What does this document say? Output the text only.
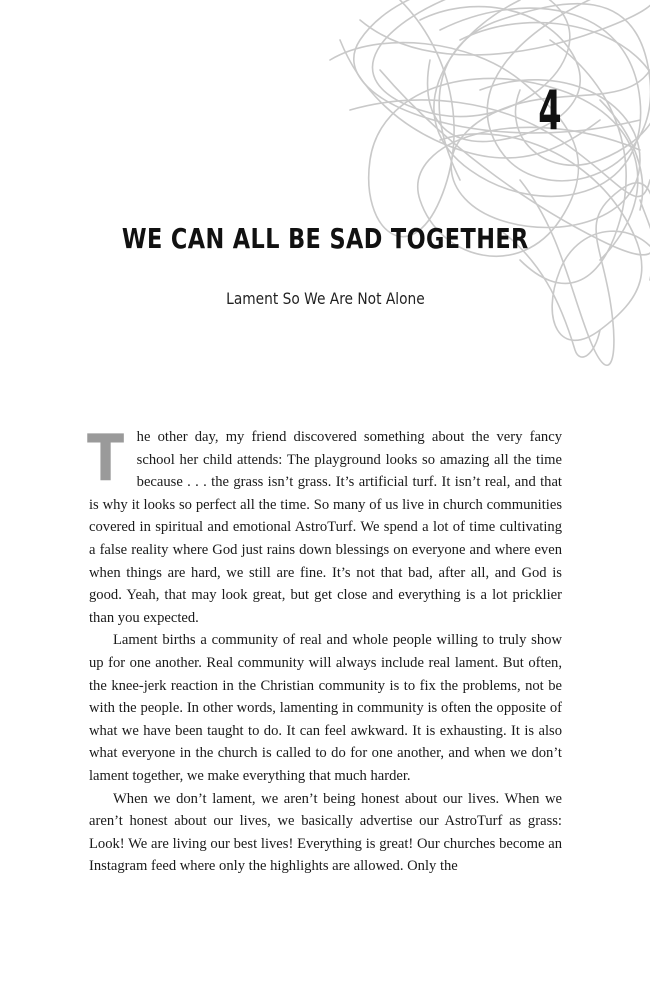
4
WE CAN ALL BE SAD TOGETHER
Lament So We Are Not Alone

The other day, my friend discovered something about the very fancy school her child attends: The playground looks so amazing all the time because . . . the grass isn’t grass. It’s artificial turf. It isn’t real, and that is why it looks so perfect all the time. So many of us live in church communities covered in spiritual and emotional AstroTurf. We spend a lot of time cultivating a false reality where God just rains down blessings on everyone and where even when things are hard, we still are fine. It’s not that bad, after all, and God is good. Yeah, that may look great, but get close and everything is a lot pricklier than you expected.

Lament births a community of real and whole people willing to truly show up for one another. Real community will always include real lament. But often, the knee-jerk reaction in the Christian community is to fix the problems, not be with the people. In other words, lamenting in community is often the opposite of what we have been taught to do. It can feel awkward. It is exhausting. It is also what everyone in the church is called to do for one another, and when we don’t lament together, we make everything that much harder.

When we don’t lament, we aren’t being honest about our lives. When we aren’t honest about our lives, we basically advertise our AstroTurf as grass: Look! We are living our best lives! Everything is great! Our churches become an Instagram feed where only the highlights are allowed. Only the
